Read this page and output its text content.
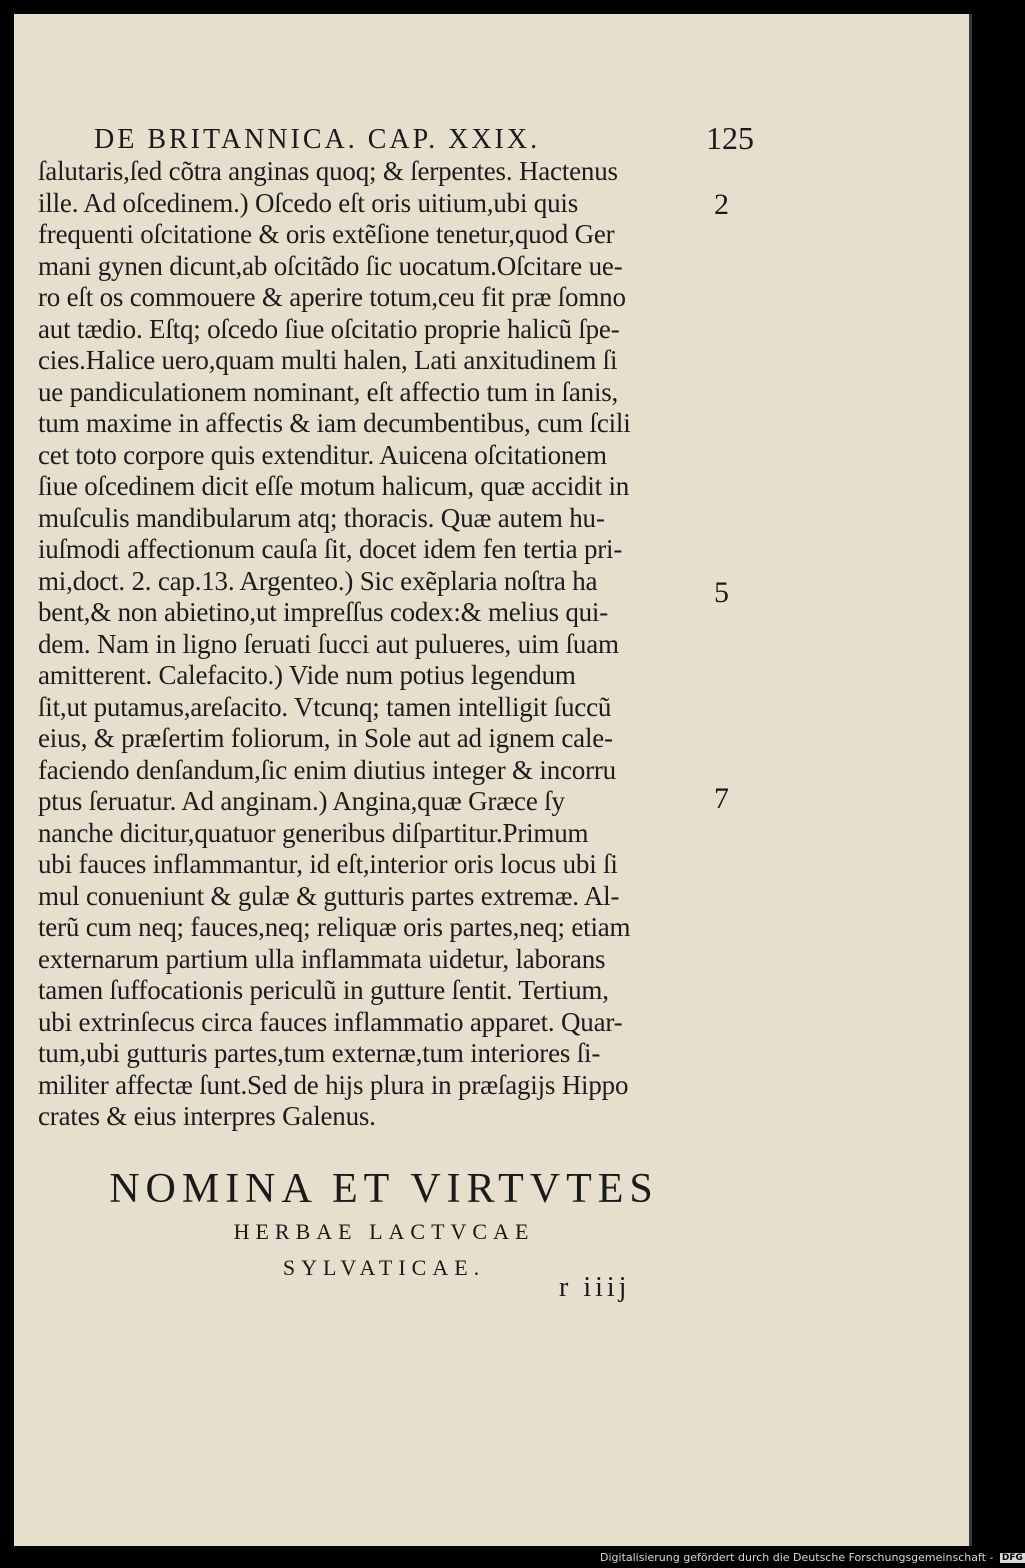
DE BRITANNICA. CAP. XXIX.	125
ſalutaris,ſed cõtra anginas quoq; & ſerpentes. Hactenus
ille. Ad oſcedinem.) Oſcedo eſt oris uitium,ubi quis
frequenti oſcitatione & oris extẽſione tenetur,quod Ger
mani gynen dicunt,ab oſcitãdo ſic uocatum.Oſcitare ue-
ro eſt os commouere & aperire totum,ceu fit præ ſomno
aut tædio. Eſtq; oſcedo ſiue oſcitatio proprie halicũ ſpe-
cies.Halice uero,quam multi halen, Lati anxitudinem ſi
ue pandiculationem nominant, eſt affectio tum in ſanis,
tum maxime in affectis & iam decumbentibus, cum ſcili
cet toto corpore quis extenditur. Auicena oſcitationem
ſiue oſcedinem dicit eſſe motum halicum, quæ accidit in
muſculis mandibularum atq; thoracis. Quæ autem hu-
iuſmodi affectionum cauſa ſit, docet idem fen tertia pri-
mi,doct. 2. cap.13. Argenteo.) Sic exẽplaria noſtra ha
bent,& non abietino,ut impreſſus codex:& melius qui-
dem. Nam in ligno ſeruati ſucci aut pulueres, uim ſuam
amitterent. Calefacito.) Vide num potius legendum
ſit,ut putamus,areſacito. Vtcunq; tamen intelligit ſuccũ
eius, & præſertim foliorum, in Sole aut ad ignem cale-
faciendo denſandum,ſic enim diutius integer & incorru
ptus ſeruatur. Ad anginam.) Angina,quæ Græce ſy
nanche dicitur,quatuor generibus diſpartitur.Primum
ubi fauces inflammantur, id eſt,interior oris locus ubi ſi
mul conueniunt & gulæ & gutturis partes extremæ. Al-
terũ cum neq; fauces,neq; reliquæ oris partes,neq; etiam
externarum partium ulla inflammata uidetur, laborans
tamen ſuffocationis periculũ in gutture ſentit. Tertium,
ubi extrinſecus circa fauces inflammatio apparet. Quar-
tum,ubi gutturis partes,tum externæ,tum interiores ſi-
militer affectæ ſunt.Sed de hijs plura in præſagijs Hippo
crates & eius interpres Galenus.
2
5
7
NOMINA ET VIRTVTES
HERBAE LACTVCAE
SYLVATICAE.
r iiij
Digitalisierung gefördert durch die Deutsche Forschungsgemeinschaft - DFG
